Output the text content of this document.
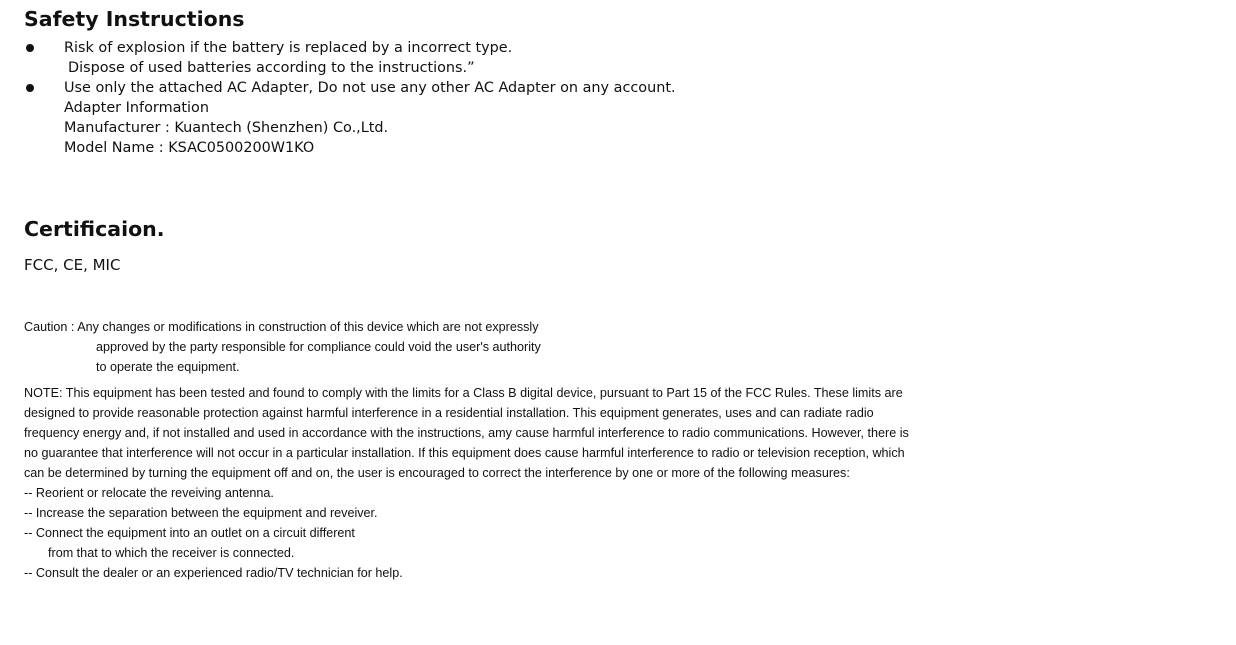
Safety Instructions
Risk of explosion if the battery is replaced by a incorrect type.
Dispose of used batteries according to the instructions.”
Use only the attached AC Adapter, Do not use any other AC Adapter on any account.
Adapter Information
Manufacturer : Kuantech (Shenzhen) Co.,Ltd.
Model Name : KSAC0500200W1KO
Certificaion.
FCC, CE, MIC
Caution : Any changes or modifications in construction of this device which are not expressly
approved by the party responsible for compliance could void the user's authority
to operate the equipment.
NOTE: This equipment has been tested and found to comply with the limits for a Class B digital device, pursuant to Part 15 of the FCC Rules. These limits are
designed to provide reasonable protection against harmful interference in a residential installation. This equipment generates, uses and can radiate radio
frequency energy and, if not installed and used in accordance with the instructions, amy cause harmful interference to radio communications. However, there is
no guarantee that interference will not occur in a particular installation. If this equipment does cause harmful interference to radio or television reception, which
can be determined by turning the equipment off and on, the user is encouraged to correct the interference by one or more of the following measures:
-- Reorient or relocate the reveiving antenna.
-- Increase the separation between the equipment and reveiver.
-- Connect the equipment into an outlet on a circuit different
from that to which the receiver is connected.
-- Consult the dealer or an experienced radio/TV technician for help.
